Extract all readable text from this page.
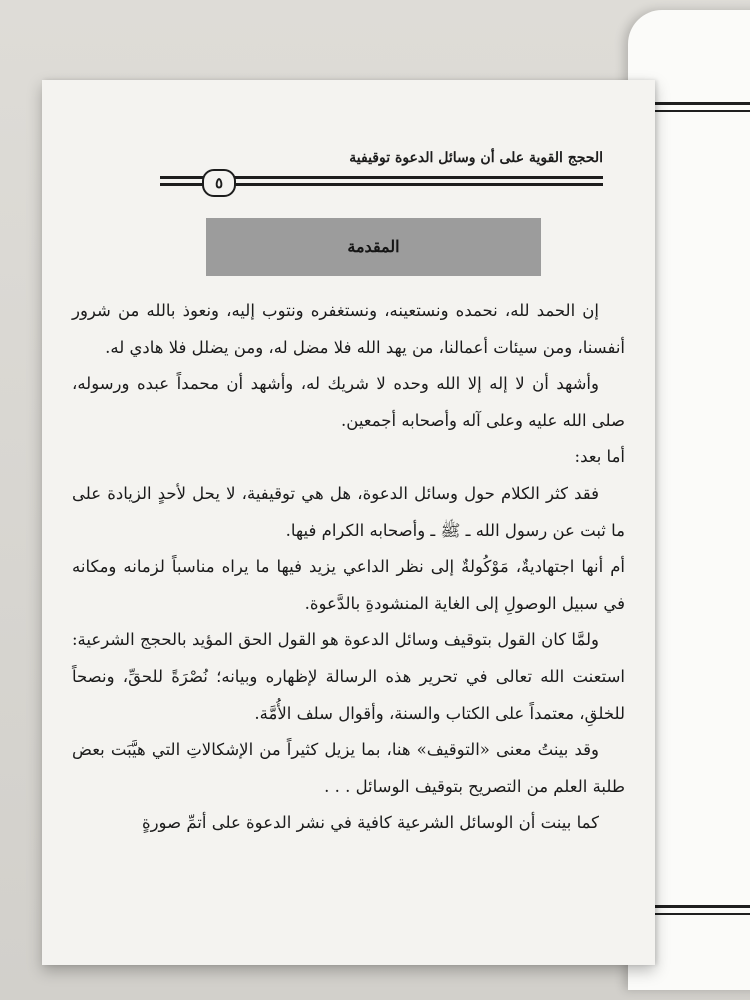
الحجج القوية على أن وسائل الدعوة توقيفية
٥
المقدمة

إن الحمد لله، نحمده ونستعينه، ونستغفره ونتوب إليه، ونعوذ بالله من شرور أنفسنا، ومن سيئات أعمالنا، من يهد الله فلا مضل له، ومن يضلل فلا هادي له.

وأشهد أن لا إله إلا الله وحده لا شريك له، وأشهد أن محمداً عبده ورسوله، صلى الله عليه وعلى آله وأصحابه أجمعين.

أما بعد:

فقد كثر الكلام حول وسائل الدعوة، هل هي توقيفية، لا يحل لأحدٍ الزيادة على ما ثبت عن رسول الله ـ ﷺ ـ وأصحابه الكرام فيها.

أم أنها اجتهاديةٌ، مَوْكُولةٌ إلى نظر الداعي يزيد فيها ما يراه مناسباً لزمانه ومكانه في سبيل الوصولِ إلى الغاية المنشودةِ بالدَّعوة.

ولمَّا كان القول بتوقيف وسائل الدعوة هو القول الحق المؤيد بالحجج الشرعية: استعنت الله تعالى في تحرير هذه الرسالة لإظهاره وبيانه؛ نُصْرَةً للحقِّ، ونصحاً للخلقِ، معتمداً على الكتاب والسنة، وأقوال سلف الأُمَّة.

وقد بينتُ معنى «التوقيف» هنا، بما يزيل كثيراً من الإشكالاتِ التي هيَّبَت بعض طلبة العلم من التصريح بتوقيف الوسائل . . .

كما بينت أن الوسائل الشرعية كافية في نشر الدعوة على أتمِّ صورةٍ
